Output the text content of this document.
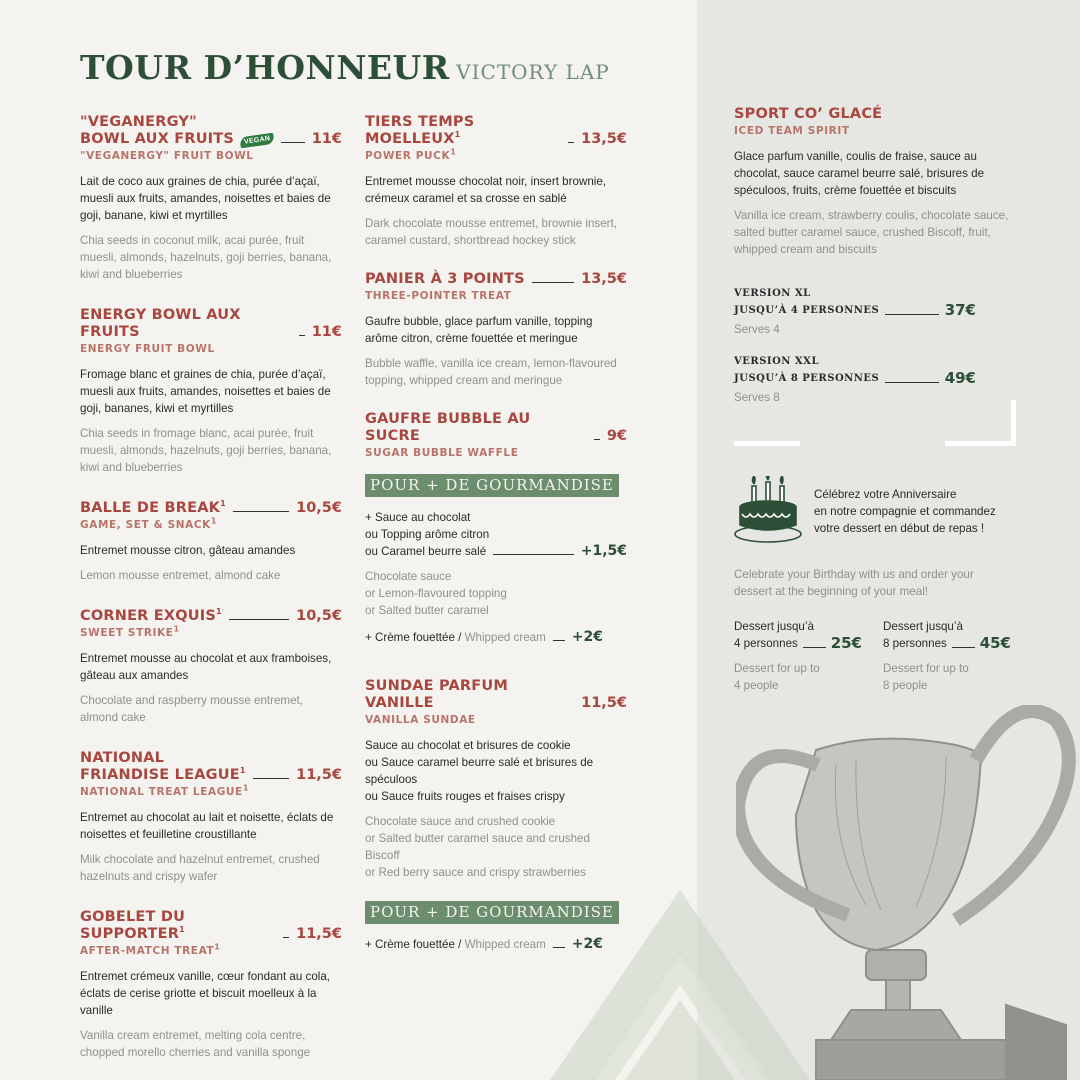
TOUR D’HONNEUR VICTORY LAP
"VEGANERGY"
BOWL AUX FRUITS	VEGAN	11€
"VEGANERGY" FRUIT BOWL
Lait de coco aux graines de chia, purée d’açaï, muesli aux fruits, amandes, noisettes et baies de goji, banane, kiwi et myrtilles
Chia seeds in coconut milk, acai purée, fruit muesli, almonds, hazelnuts, goji berries, banana, kiwi and blueberries
ENERGY BOWL AUX FRUITS	11€
ENERGY FRUIT BOWL
Fromage blanc et graines de chia, purée d’açaï, muesli aux fruits, amandes, noisettes et baies de goji, bananes, kiwi et myrtilles
Chia seeds in fromage blanc, acai purée, fruit muesli, almonds, hazelnuts, goji berries, banana, kiwi and blueberries
BALLE DE BREAK$^1$	10,5€
GAME, SET & SNACK$^1$
Entremet mousse citron, gâteau amandes
Lemon mousse entremet, almond cake
CORNER EXQUIS$^1$	10,5€
SWEET STRIKE$^1$
Entremet mousse au chocolat et aux framboises, gâteau aux amandes
Chocolate and raspberry mousse entremet, almond cake
NATIONAL
FRIANDISE LEAGUE$^1$	11,5€
NATIONAL TREAT LEAGUE$^1$
Entremet au chocolat au lait et noisette, éclats de noisettes et feuilletine croustillante
Milk chocolate and hazelnut entremet, crushed hazelnuts and crispy wafer
GOBELET DU SUPPORTER$^1$	11,5€
AFTER-MATCH TREAT$^1$
Entremet crémeux vanille, cœur fondant au cola, éclats de cerise griotte et biscuit moelleux à la vanille
Vanilla cream entremet, melting cola centre, chopped morello cherries and vanilla sponge
TIERS TEMPS MOELLEUX$^1$	13,5€
POWER PUCK$^1$
Entremet mousse chocolat noir, insert brownie, crémeux caramel et sa crosse en sablé
Dark chocolate mousse entremet, brownie insert, caramel custard, shortbread hockey stick
PANIER À 3 POINTS	13,5€
THREE-POINTER TREAT
Gaufre bubble, glace parfum vanille, topping arôme citron, crème fouettée et meringue
Bubble waffle, vanilla ice cream, lemon-flavoured topping, whipped cream and meringue
GAUFRE BUBBLE AU SUCRE	9€
SUGAR BUBBLE WAFFLE
POUR + DE GOURMANDISE
+ Sauce au chocolat
ou Topping arôme citron
ou Caramel beurre salé	+1,5€
Chocolate sauce
or Lemon-flavoured topping
or Salted butter caramel
+ Crème fouettée / Whipped cream +2€
SUNDAE PARFUM VANILLE	11,5€
VANILLA SUNDAE
Sauce au chocolat et brisures de cookie
ou Sauce caramel beurre salé et brisures de spéculoos
ou Sauce fruits rouges et fraises crispy
Chocolate sauce and crushed cookie
or Salted butter caramel sauce and crushed Biscoff
or Red berry sauce and crispy strawberries
POUR + DE GOURMANDISE
+ Crème fouettée / Whipped cream +2€
SPORT CO’ GLACÉ
ICED TEAM SPIRIT
Glace parfum vanille, coulis de fraise, sauce au chocolat, sauce caramel beurre salé, brisures de spéculoos, fruits, crème fouettée et biscuits
Vanilla ice cream, strawberry coulis, chocolate sauce, salted butter caramel sauce, crushed Biscoff, fruit, whipped cream and biscuits
VERSION XL
JUSQU’À 4 PERSONNES	37€
Serves 4
VERSION XXL
JUSQU’À 8 PERSONNES	49€
Serves 8
Célébrez votre Anniversaire
en notre compagnie et commandez
votre dessert en début de repas !
Celebrate your Birthday with us and order your
dessert at the beginning of your meal!
Dessert jusqu’à
4 personnes 25€
Dessert for up to
4 people
Dessert jusqu’à
8 personnes 45€
Dessert for up to
8 people
